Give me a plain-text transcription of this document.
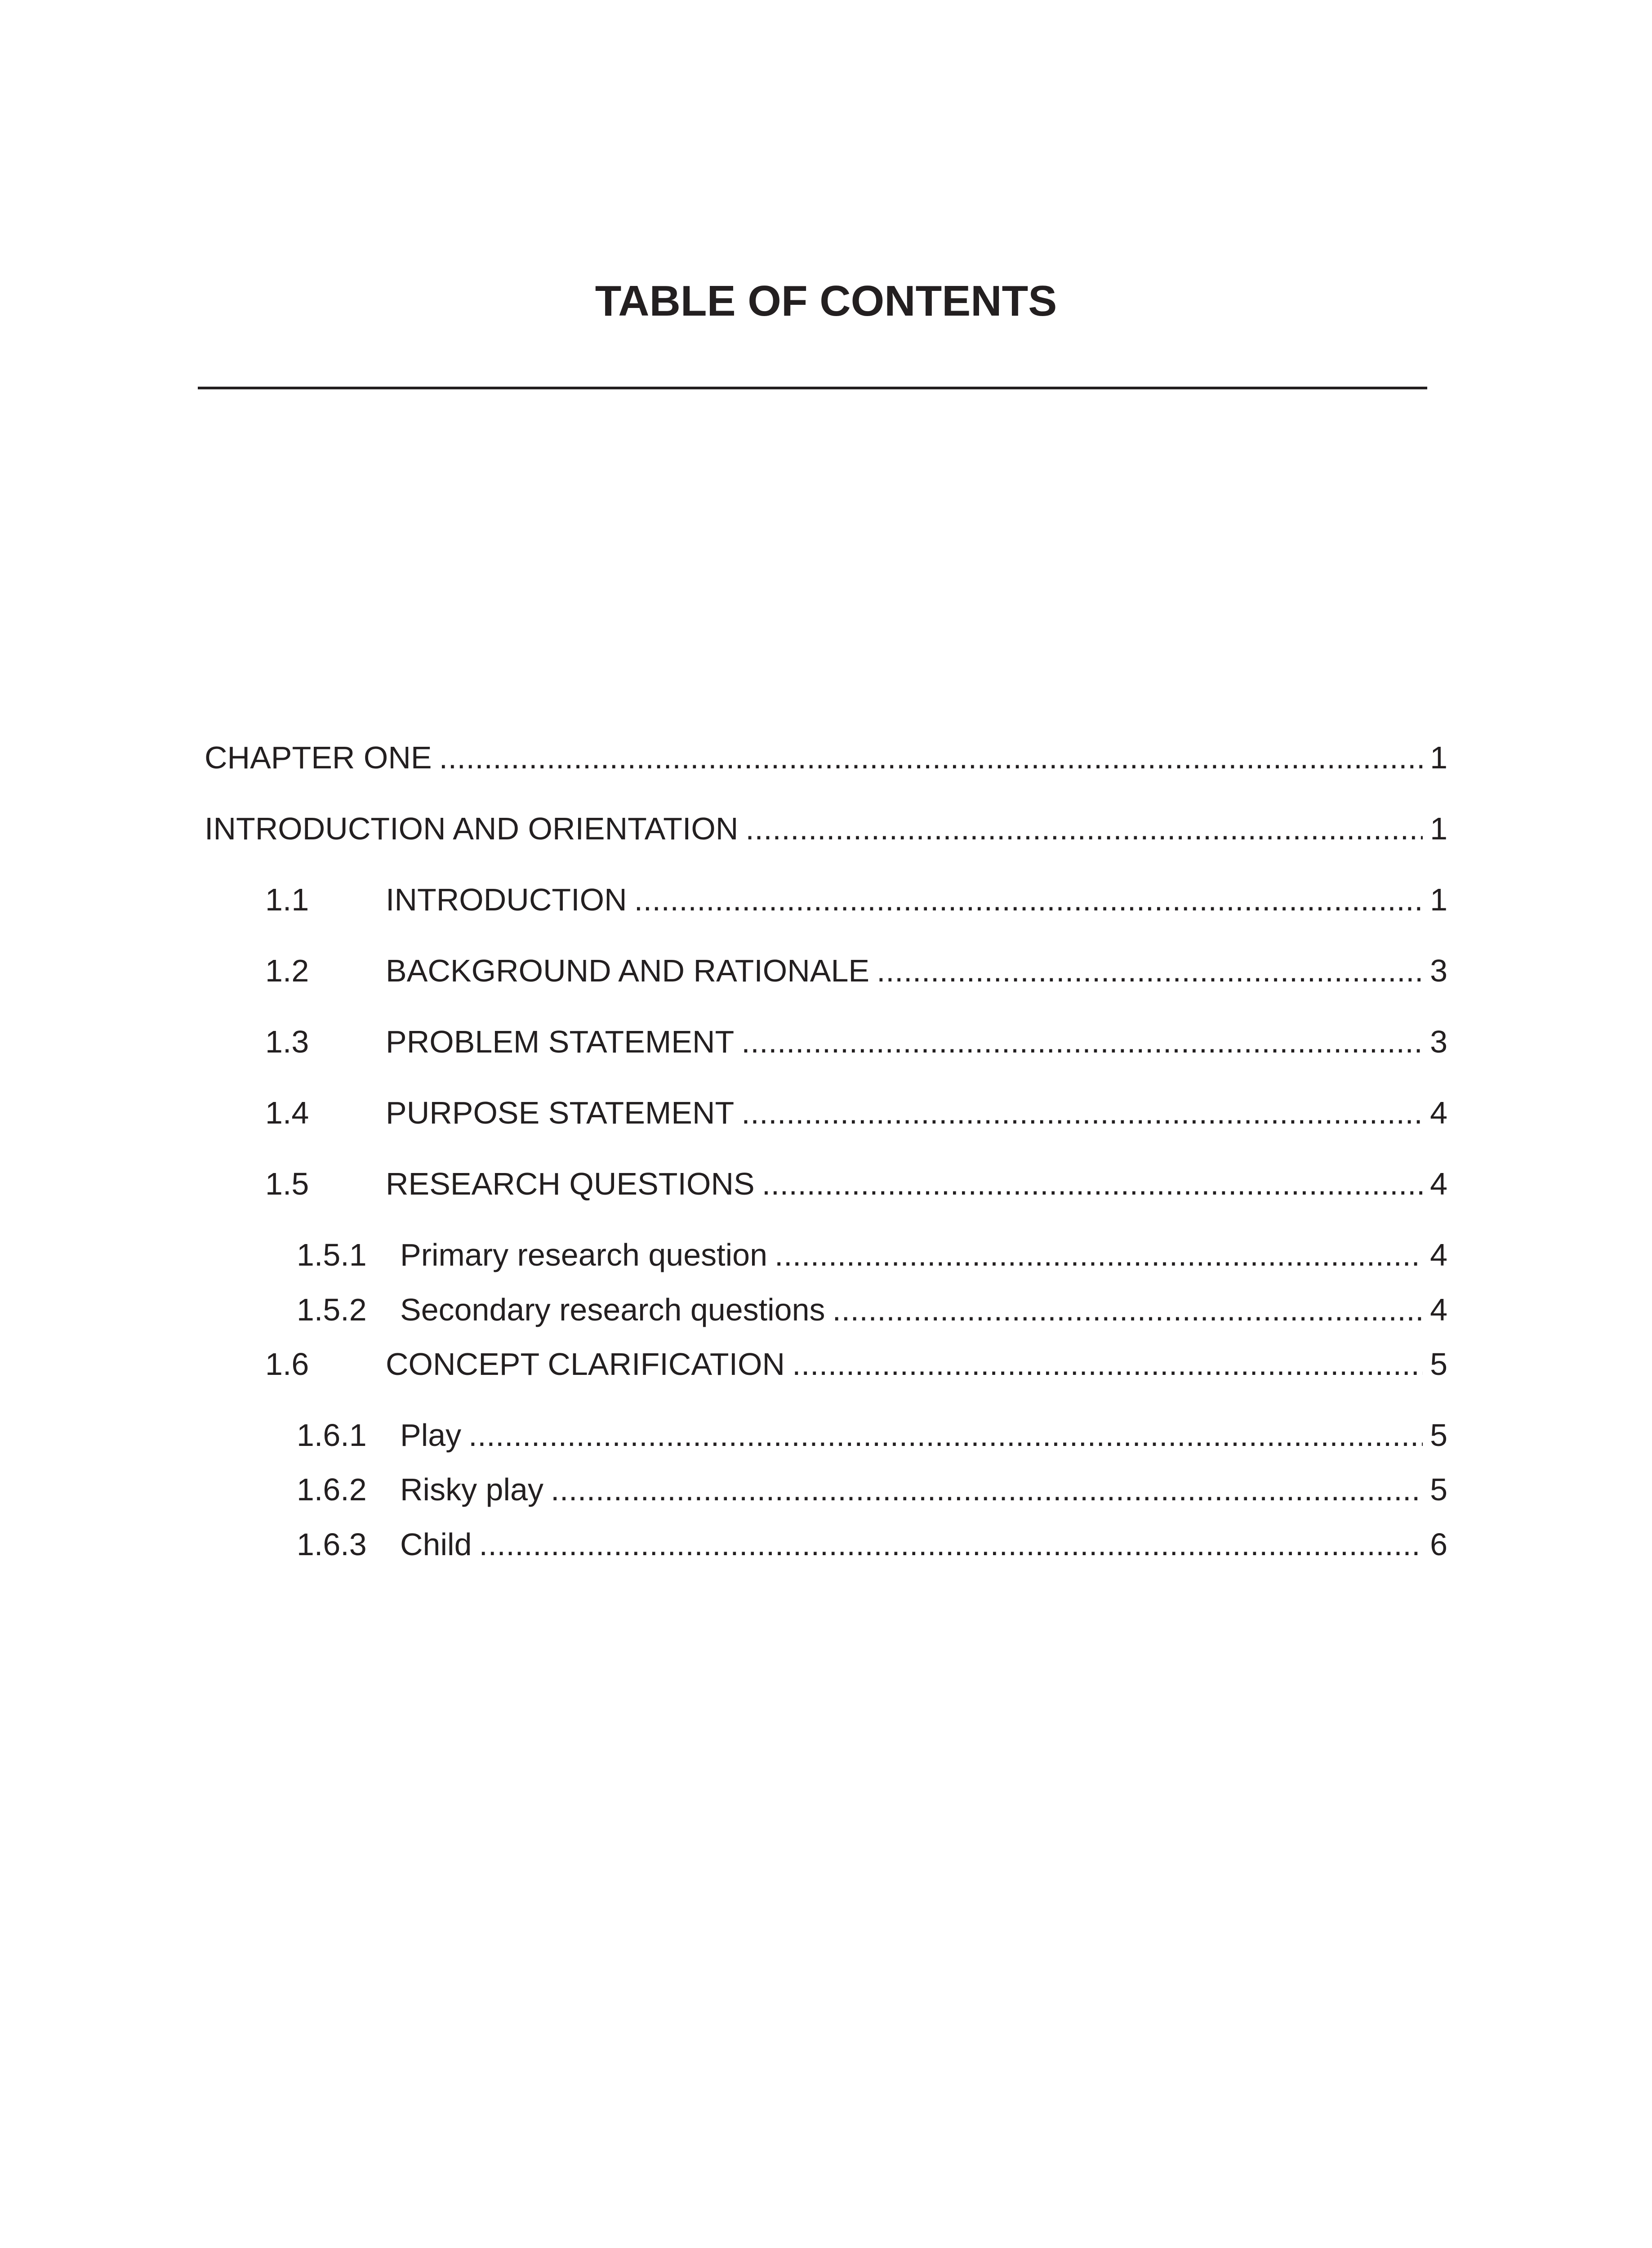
TABLE OF CONTENTS
CHAPTER ONE .....	1
INTRODUCTION AND ORIENTATION .....	1
1.1	INTRODUCTION .....	1
1.2	BACKGROUND AND RATIONALE .....	3
1.3	PROBLEM STATEMENT .....	3
1.4	PURPOSE STATEMENT .....	4
1.5	RESEARCH QUESTIONS .....	4
1.5.1	Primary research question .....	4
1.5.2	Secondary research questions .....	4
1.6	CONCEPT CLARIFICATION .....	5
1.6.1	Play .....	5
1.6.2	Risky play .....	5
1.6.3	Child .....	6
